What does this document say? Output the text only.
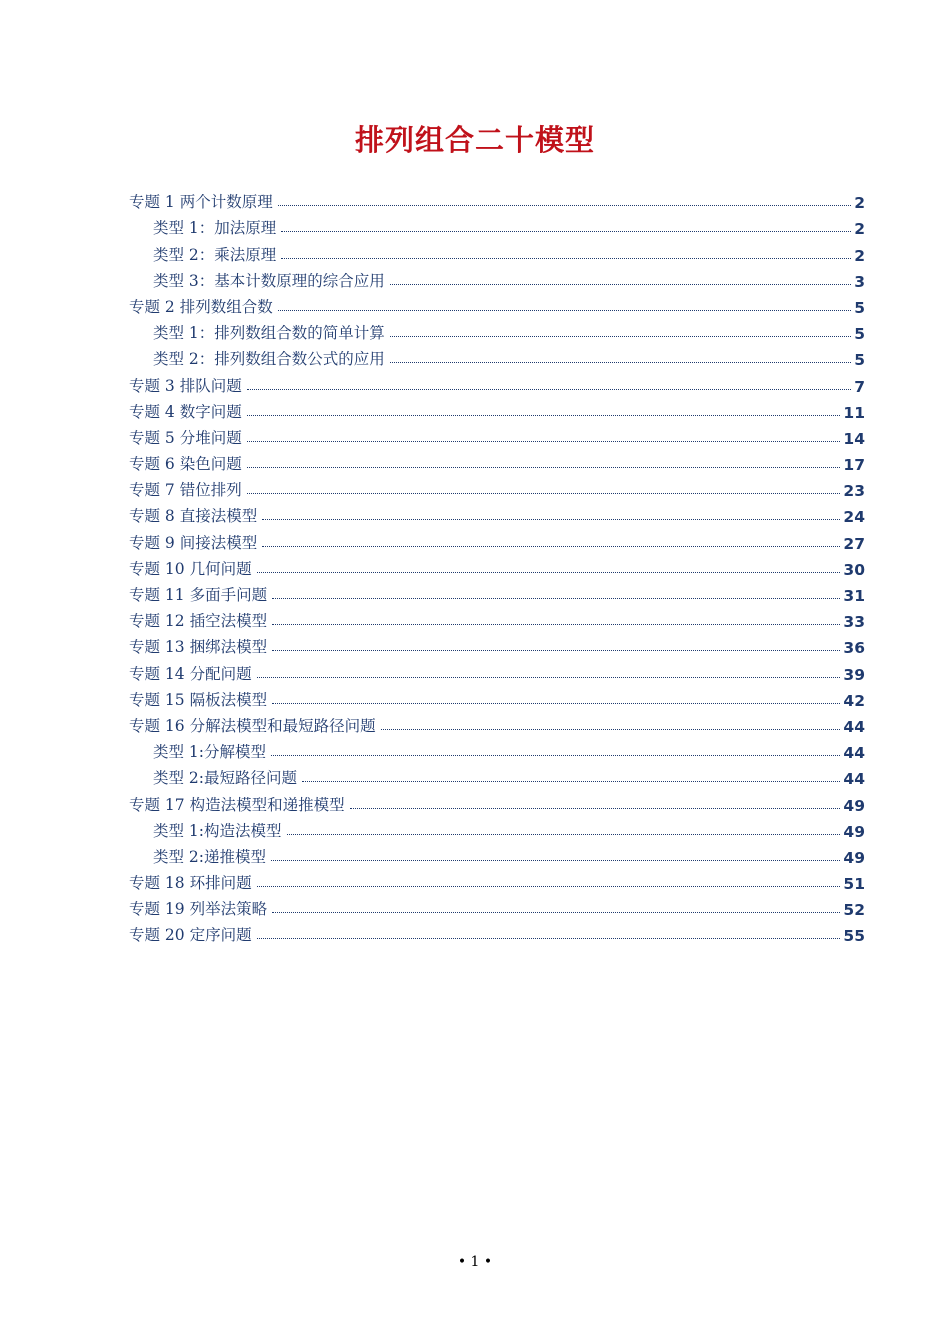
排列组合二十模型
专题 1 两个计数原理	2
类型 1：加法原理	2
类型 2：乘法原理	2
类型 3：基本计数原理的综合应用	3
专题 2 排列数组合数	5
类型 1：排列数组合数的简单计算	5
类型 2：排列数组合数公式的应用	5
专题 3 排队问题	7
专题 4 数字问题	11
专题 5 分堆问题	14
专题 6 染色问题	17
专题 7 错位排列	23
专题 8 直接法模型	24
专题 9 间接法模型	27
专题 10 几何问题	30
专题 11 多面手问题	31
专题 12 插空法模型	33
专题 13 捆绑法模型	36
专题 14 分配问题	39
专题 15 隔板法模型	42
专题 16 分解法模型和最短路径问题	44
类型 1:分解模型	44
类型 2:最短路径问题	44
专题 17 构造法模型和递推模型	49
类型 1:构造法模型	49
类型 2:递推模型	49
专题 18 环排问题	51
专题 19 列举法策略	52
专题 20 定序问题	55
• 1 •
